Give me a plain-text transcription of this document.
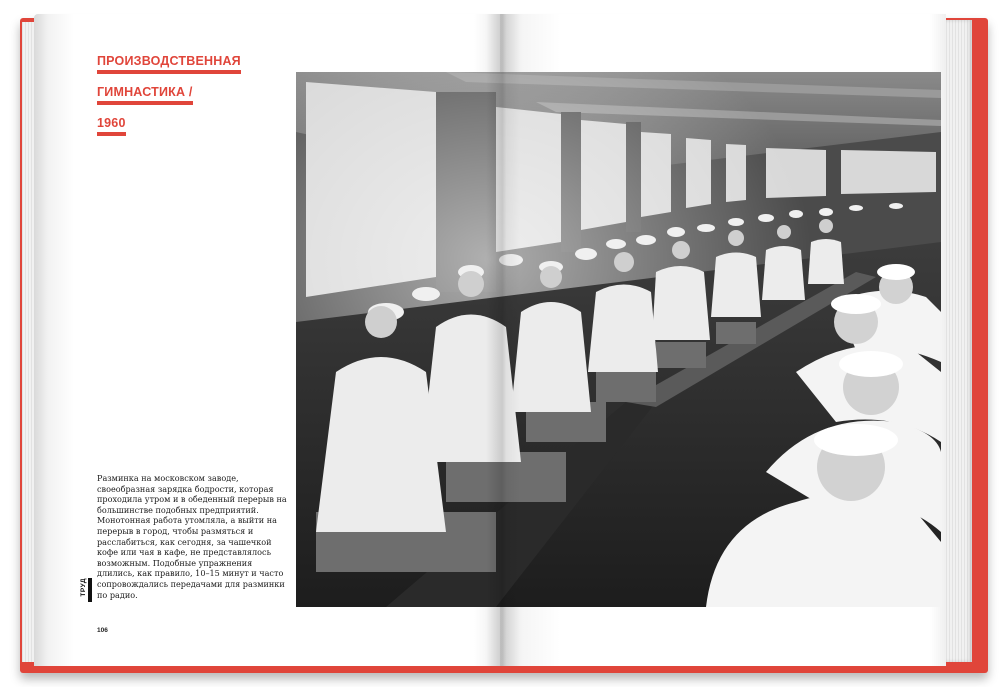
ПРОИЗВОДСТВЕННАЯ
ГИМНАСТИКА /
1960
Разминка на московском заводе, своеобразная зарядка бодрости, которая проходила утром и в обеденный перерыв на большинстве подобных предприятий. Монотонная работа утомляла, а выйти на перерыв в город, чтобы размяться и расслабиться, как сегодня, за чашечкой кофе или чая в кафе, не представлялось возможным. Подобные упражнения длились, как правило, 10–15 минут и часто сопровождались передачами для разминки по радио.
ТРУД
106
